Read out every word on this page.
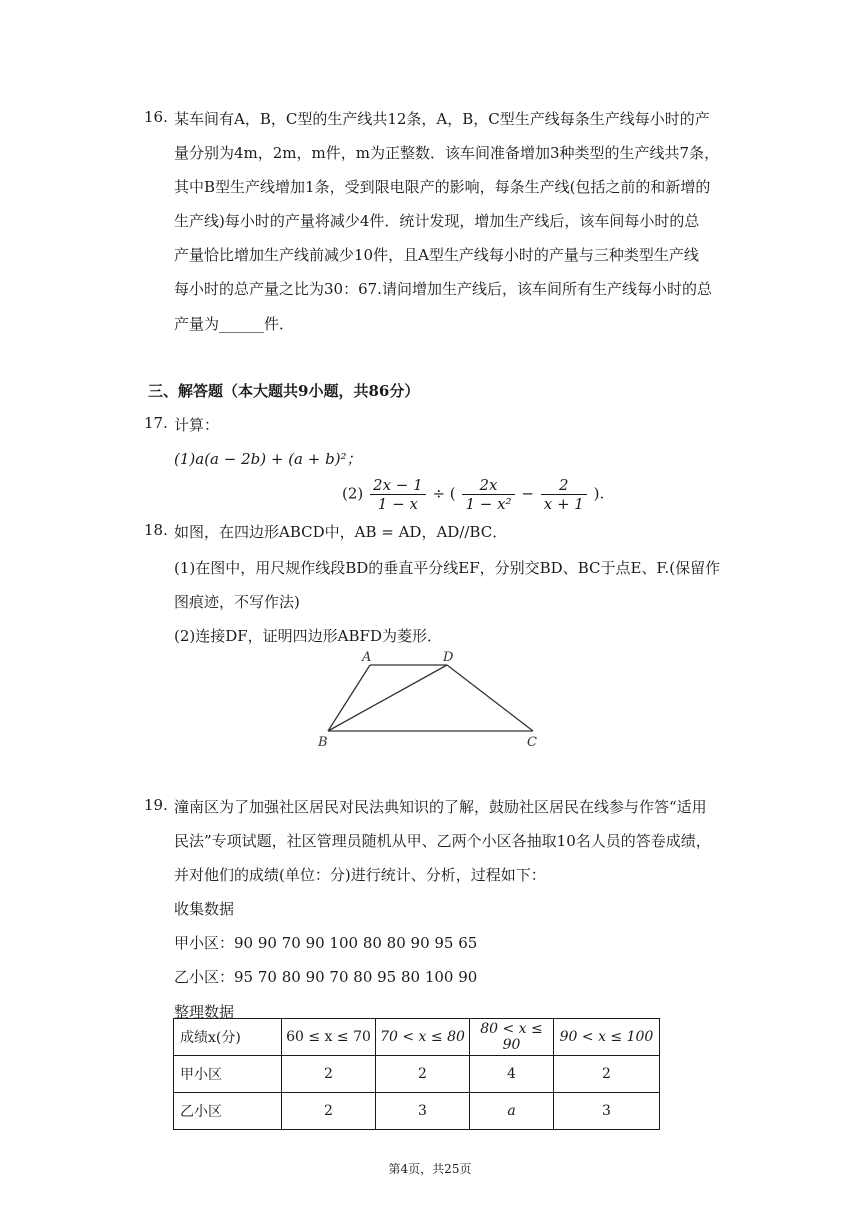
16. 某车间有A，B，C型的生产线共12条，A，B，C型生产线每条生产线每小时的产
量分别为4m，2m，m件，m为正整数．该车间准备增加3种类型的生产线共7条，
其中B型生产线增加1条，受到限电限产的影响，每条生产线(包括之前的和新增的
生产线)每小时的产量将减少4件．统计发现，增加生产线后，该车间每小时的总
产量恰比增加生产线前减少10件，且A型生产线每小时的产量与三种类型生产线
每小时的总产量之比为30：67.请问增加生产线后，该车间所有生产线每小时的总
产量为______件．
三、解答题（本大题共9小题，共86分）
17. 计算：
(1)a(a − 2b) + (a + b)²；
$(2) \frac{2x - 1}{1 - x}$ ÷ ( $\frac{2x}{\text{1 − x²}} - \frac{2}{x + 1}$ ).
18. 如图，在四边形ABCD中，AB = AD，AD//BC．
(1)在图中，用尺规作线段BD的垂直平分线EF，分别交BD、BC于点E、F.(保留作
图痕迹，不写作法)
(2)连接DF，证明四边形ABFD为菱形．
A	D
B	C
19. 潼南区为了加强社区居民对民法典知识的了解，鼓励社区居民在线参与作答“适用
民法”专项试题，社区管理员随机从甲、乙两个小区各抽取10名人员的答卷成绩，
并对他们的成绩(单位：分)进行统计、分析，过程如下：
收集数据
甲小区：90 90 70 90 100 80 80 90 95 65
乙小区：95 70 80 90 70 80 95 80 100 90
整理数据
成绩x(分)	60 ≤ x ≤ 70	70 < x ≤ 80	80 < x ≤ 90	90 < x ≤ 100
甲小区	2	2	4	2
乙小区	2	3	a	3
第4页，共25页
